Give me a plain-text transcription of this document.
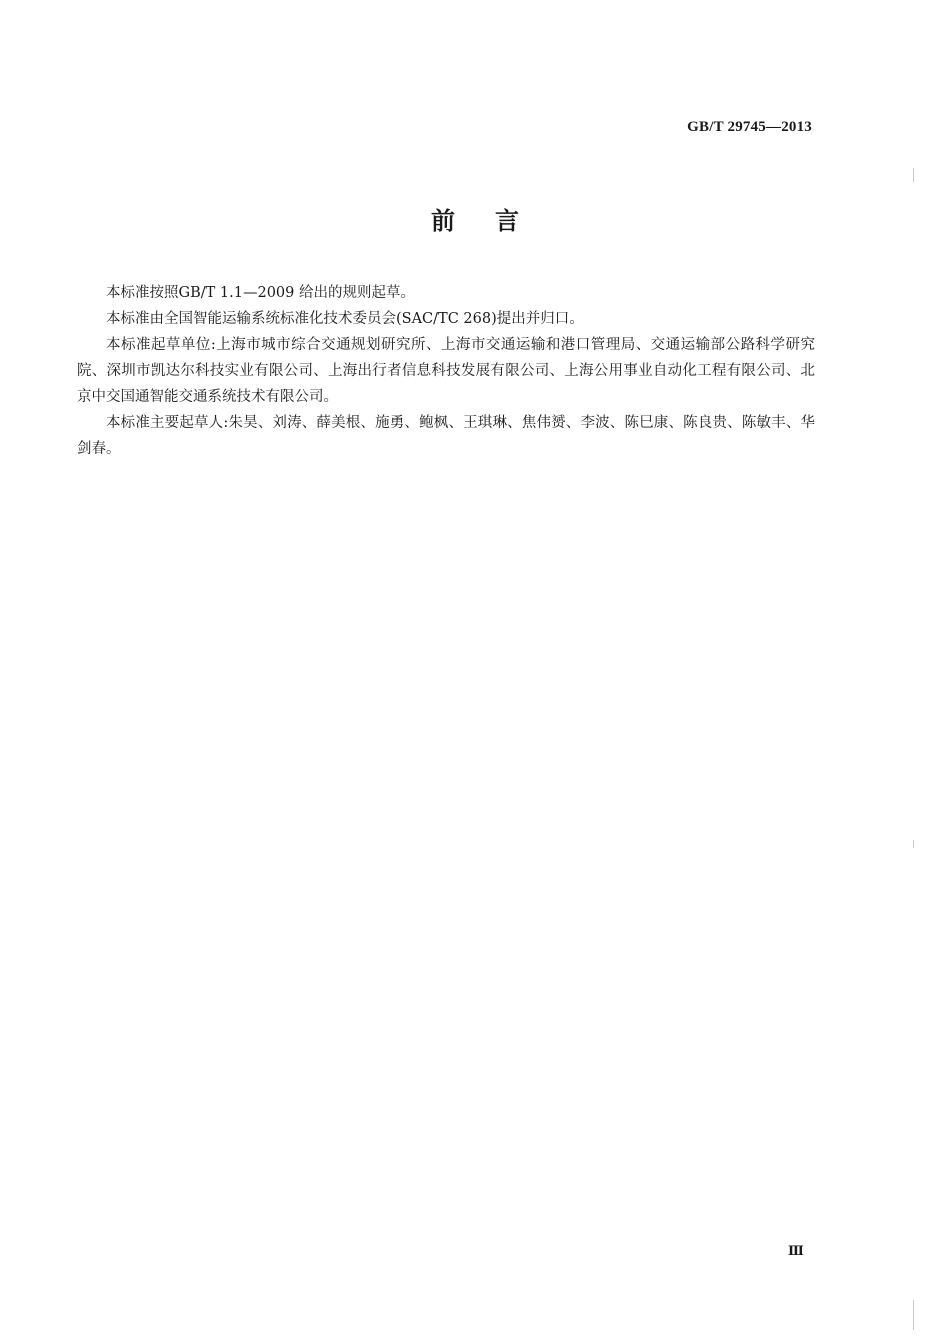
GB/T 29745—2013
前言

本标准按照GB/T 1.1—2009 给出的规则起草。

本标准由全国智能运输系统标准化技术委员会(SAC/TC 268)提出并归口。

本标准起草单位:上海市城市综合交通规划研究所、上海市交通运输和港口管理局、交通运输部公路科学研究院、深圳市凯达尔科技实业有限公司、上海出行者信息科技发展有限公司、上海公用事业自动化工程有限公司、北京中交国通智能交通系统技术有限公司。

本标准主要起草人:朱昊、刘涛、薛美根、施勇、鲍枫、王琪琳、焦伟赟、李波、陈巳康、陈良贵、陈敏丰、华剑春。

Ⅲ
